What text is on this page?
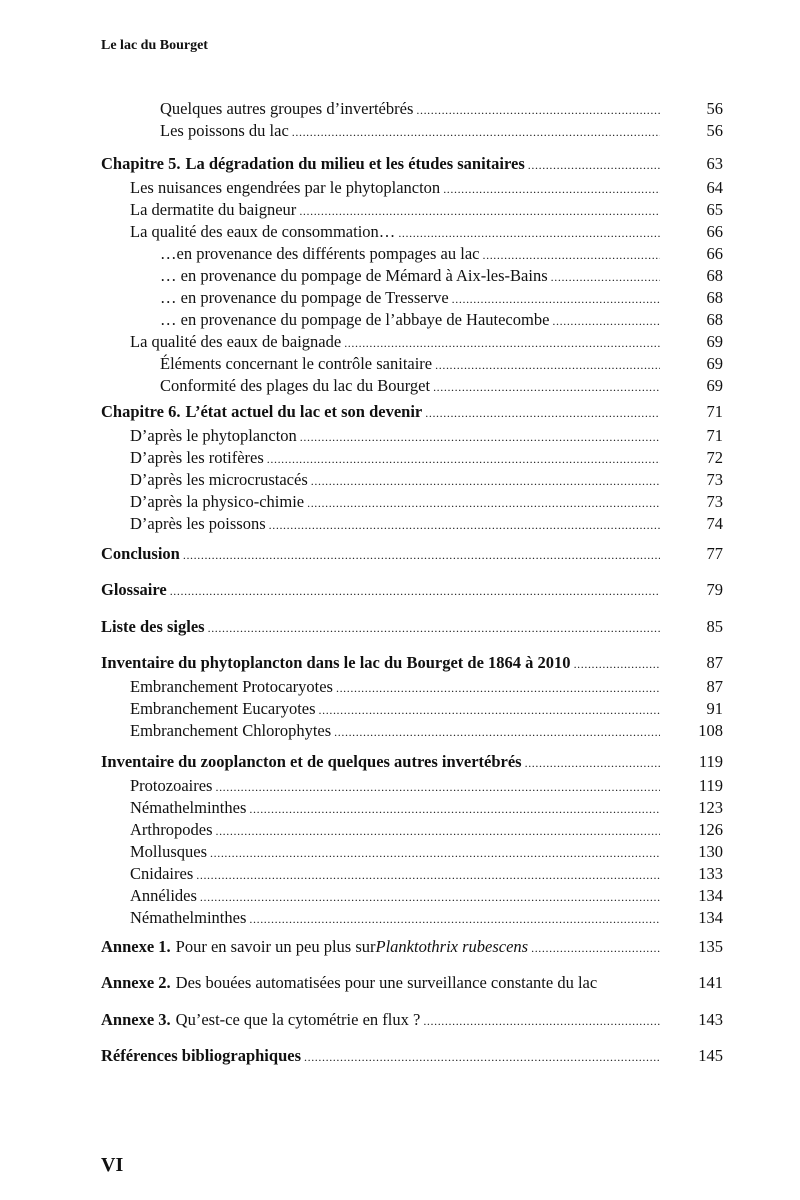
Le lac du Bourget
Quelques autres groupes d’invertébrés .....	56
Les poissons du lac .....	56
Chapitre 5. La dégradation du milieu et les études sanitaires .....	63
Les nuisances engendrées par le phytoplancton .....	64
La dermatite du baigneur .....	65
La qualité des eaux de consommation… .....	66
…en provenance des différents pompages au lac .....	66
… en provenance du pompage de Mémard à Aix-les-Bains .....	68
… en provenance du pompage de Tresserve .....	68
… en provenance du pompage de l’abbaye de Hautecombe .....	68
La qualité des eaux de baignade .....	69
Éléments concernant le contrôle sanitaire .....	69
Conformité des plages du lac du Bourget .....	69
Chapitre 6. L’état actuel du lac et son devenir .....	71
D’après le phytoplancton .....	71
D’après les rotifères .....	72
D’après les microcrustacés .....	73
D’après la physico-chimie .....	73
D’après les poissons .....	74
Conclusion .....	77
Glossaire .....	79
Liste des sigles .....	85
Inventaire du phytoplancton dans le lac du Bourget de 1864 à 2010 .....	87
Embranchement Protocaryotes .....	87
Embranchement Eucaryotes .....	91
Embranchement Chlorophytes .....	108
Inventaire du zooplancton et de quelques autres invertébrés .....	119
Protozoaires .....	119
Némathelminthes .....	123
Arthropodes .....	126
Mollusques .....	130
Cnidaires .....	133
Annélides .....	134
Némathelminthes .....	134
Annexe 1. Pour en savoir un peu plus sur Planktothrix rubescens .....	135
Annexe 2. Des bouées automatisées pour une surveillance constante du lac	141
Annexe 3. Qu’est-ce que la cytométrie en flux ? .....	143
Références bibliographiques .....	145
VI
